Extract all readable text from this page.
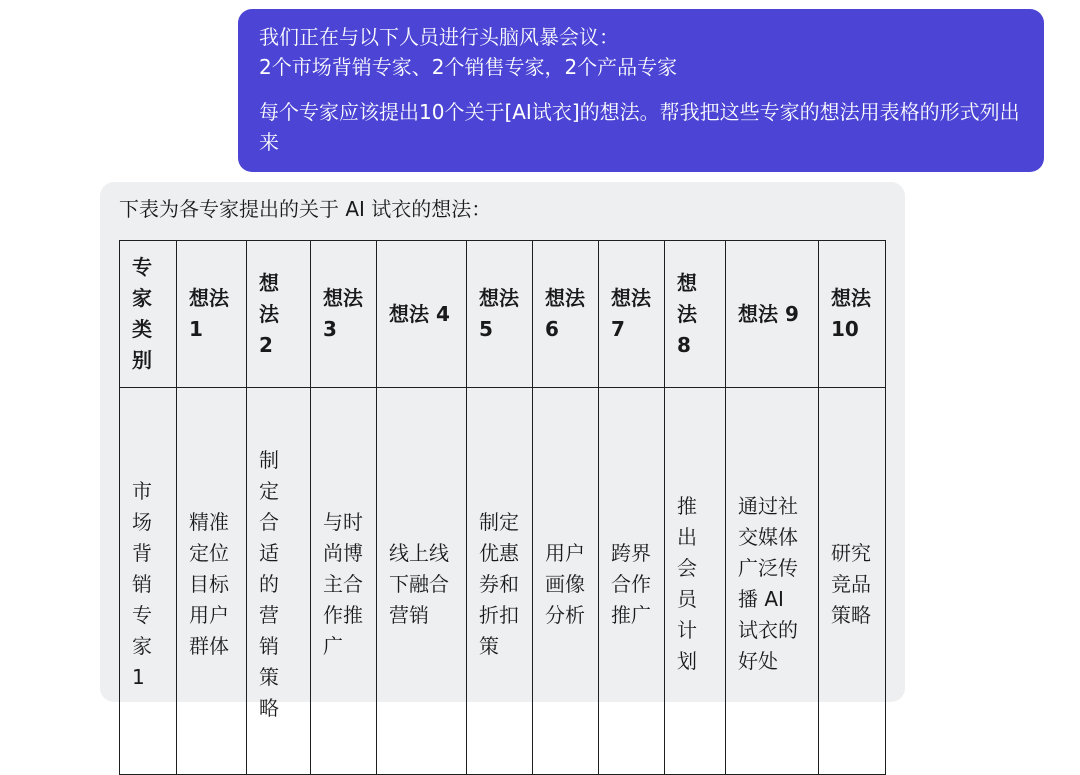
我们正在与以下人员进行头脑风暴会议：
2个市场背销专家、2个销售专家，2个产品专家

每个专家应该提出10个关于[AI试衣]的想法。帮我把这些专家的想法用表格的形式列出来

下表为各专家提出的关于 AI 试衣的想法：

专家类别	想法 1	想法 2	想法 3	想法 4	想法 5	想法 6	想法 7	想法 8	想法 9	想法 10
市场背销专家 1	精准定位目标用户群体	制定合适的营销策略	与时尚博主合作推广	线上线下融合营销	制定优惠券和折扣策	用户画像分析	跨界合作推广	推出会员计划	通过社交媒体广泛传播 AI 试衣的好处	研究竞品策略
